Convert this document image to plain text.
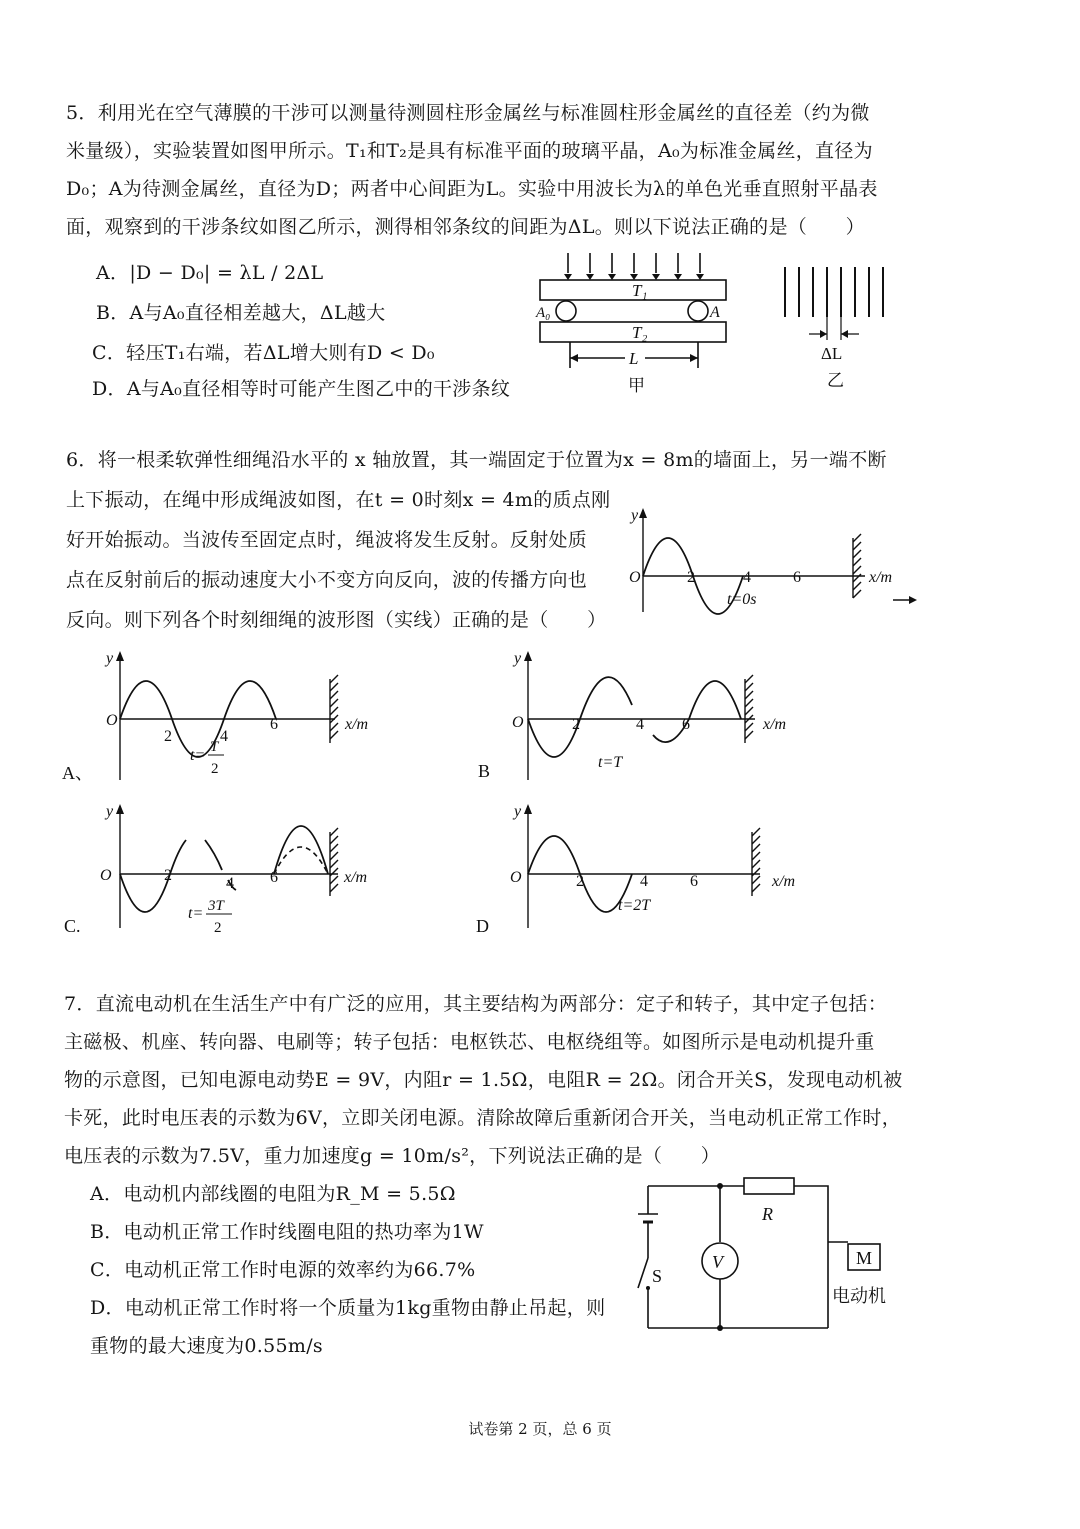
5．利用光在空气薄膜的干涉可以测量待测圆柱形金属丝与标准圆柱形金属丝的直径差（约为微
米量级），实验装置如图甲所示。T₁和T₂是具有标准平面的玻璃平晶，A₀为标准金属丝，直径为
D₀；A为待测金属丝，直径为D；两者中心间距为L。实验中用波长为λ的单色光垂直照射平晶表
面，观察到的干涉条纹如图乙所示，测得相邻条纹的间距为ΔL。则以下说法正确的是（　　）
A．|D − D₀| = λL / 2ΔL
B．A与A₀直径相差越大，ΔL越大
C．轻压T₁右端，若ΔL增大则有D < D₀
D．A与A₀直径相等时可能产生图乙中的干涉条纹
T₁
T₂
A₀	A
L
甲
ΔL
乙
6．将一根柔软弹性细绳沿水平的 x 轴放置，其一端固定于位置为x = 8m的墙面上，另一端不断
上下振动，在绳中形成绳波如图，在t = 0时刻x = 4m的质点刚
好开始振动。当波传至固定点时，绳波将发生反射。反射处质
点在反射前后的振动速度大小不变方向反向，波的传播方向也
反向。则下列各个时刻细绳的波形图（实线）正确的是（　　）
y
O	2	4	6	x/m
t=0s
y
O
2	4
6	x/m
t= T
2
A、
y
O	2	4 6	x/m
t=T
B
y
O	2	4 6	x/m
t= 3T
2
C.
y
O	2	4	6	x/m
t=2T
D
7．直流电动机在生活生产中有广泛的应用，其主要结构为两部分：定子和转子，其中定子包括：
主磁极、机座、转向器、电刷等；转子包括：电枢铁芯、电枢绕组等。如图所示是电动机提升重
物的示意图，已知电源电动势E = 9V，内阻r = 1.5Ω，电阻R = 2Ω。闭合开关S，发现电动机被
卡死，此时电压表的示数为6V，立即关闭电源。清除故障后重新闭合开关，当电动机正常工作时，
电压表的示数为7.5V，重力加速度g = 10m/s²，下列说法正确的是（　　）
A．电动机内部线圈的电阻为R_M = 5.5Ω
B．电动机正常工作时线圈电阻的热功率为1W
C．电动机正常工作时电源的效率约为66.7%
D．电动机正常工作时将一个质量为1kg重物由静止吊起，则
重物的最大速度为0.55m/s
R
S
V	M
电动机
试卷第 2 页，总 6 页
